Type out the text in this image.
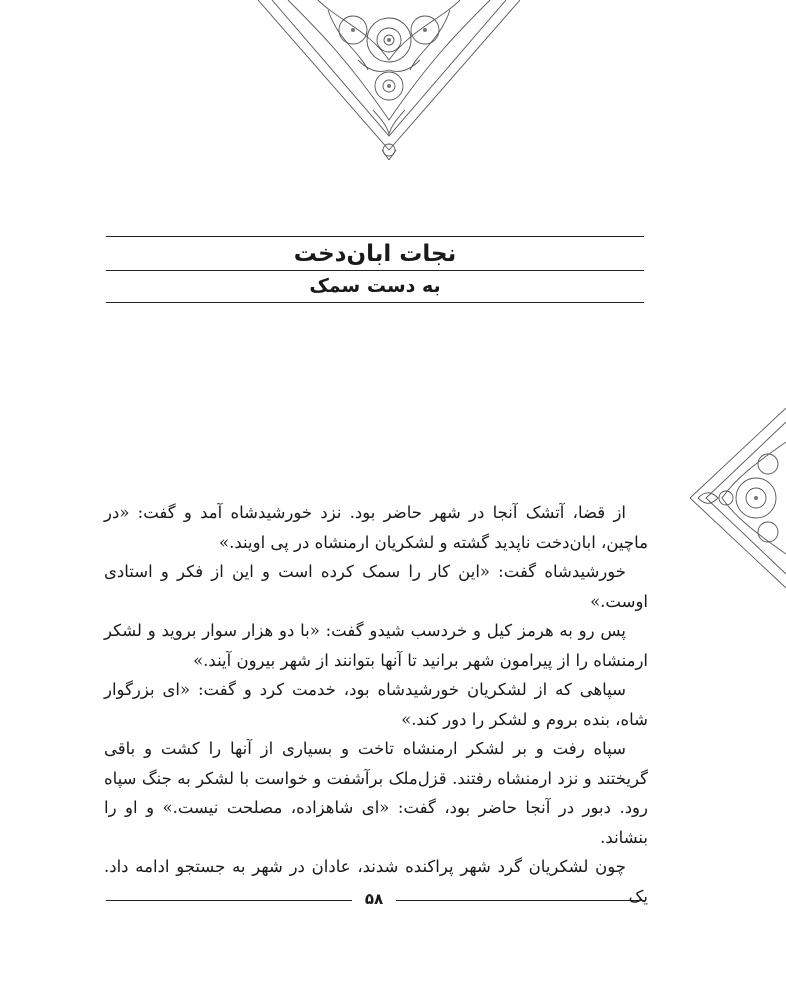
نجات ابان‌دخت
به دست سمک

از قضا، آتشک آنجا در شهر حاضر بود. نزد خورشیدشاه آمد و گفت: «در ماچین، ابان‌دخت ناپدید گشته و لشکریان ارمنشاه در پی اویند.»

خورشیدشاه گفت: «این کار را سمک کرده است و این از فکر و استادی اوست.»

پس رو به هرمز کیل و خردسب شیدو گفت: «با دو هزار سوار بروید و لشکر ارمنشاه را از پیرامون شهر برانید تا آنها بتوانند از شهر بیرون آیند.»

سپاهی که از لشکریان خورشیدشاه بود، خدمت کرد و گفت: «ای بزرگوار شاه، بنده بروم و لشکر را دور کند.»

سپاه رفت و بر لشکر ارمنشاه تاخت و بسیاری از آنها را کشت و باقی گریختند و نزد ارمنشاه رفتند. قزل‌ملک برآشفت و خواست با لشکر به جنگ سپاه رود. دبور در آنجا حاضر بود، گفت: «ای شاهزاده، مصلحت نیست.» و او را بنشاند.

چون لشکریان گرد شهر پراکنده شدند، عادان در شهر به جستجو ادامه داد. یک

۵۸
